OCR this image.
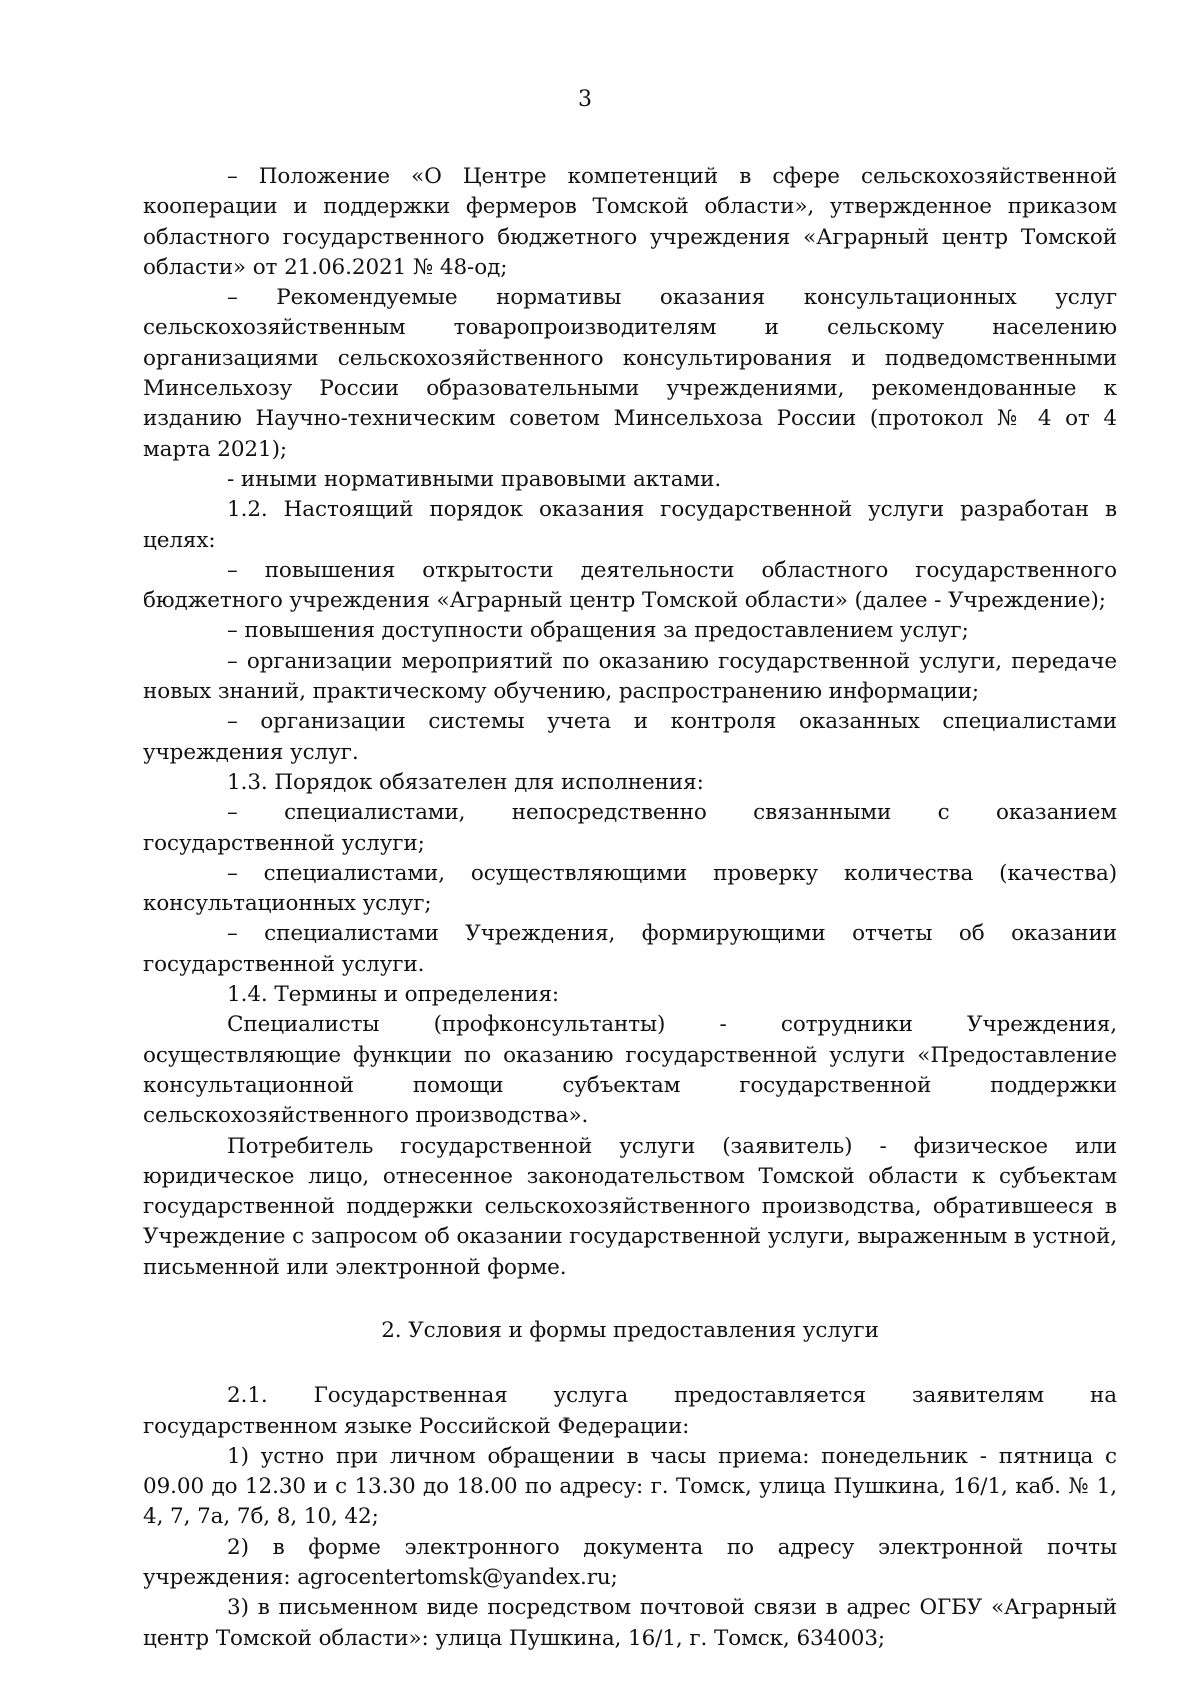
3

– Положение «О Центре компетенций в сфере сельскохозяйственной кооперации и поддержки фермеров Томской области», утвержденное приказом областного государственного бюджетного учреждения «Аграрный центр Томской области» от 21.06.2021 № 48-од;

– Рекомендуемые нормативы оказания консультационных услуг сельскохозяйственным товаропроизводителям и сельскому населению организациями сельскохозяйственного консультирования и подведомственными Минсельхозу России образовательными учреждениями, рекомендованные к изданию Научно-техническим советом Минсельхоза России (протокол № 4 от 4 марта 2021);

- иными нормативными правовыми актами.

1.2. Настоящий порядок оказания государственной услуги разработан в целях:

– повышения открытости деятельности областного государственного бюджетного учреждения «Аграрный центр Томской области» (далее - Учреждение);

– повышения доступности обращения за предоставлением услуг;

– организации мероприятий по оказанию государственной услуги, передаче новых знаний, практическому обучению, распространению информации;

– организации системы учета и контроля оказанных специалистами учреждения услуг.

1.3. Порядок обязателен для исполнения:

– специалистами, непосредственно связанными с оказанием государственной услуги;

– специалистами, осуществляющими проверку количества (качества) консультационных услуг;

– специалистами Учреждения, формирующими отчеты об оказании государственной услуги.

1.4. Термины и определения:

Специалисты (профконсультанты) - сотрудники Учреждения, осуществляющие функции по оказанию государственной услуги «Предоставление консультационной помощи субъектам государственной поддержки сельскохозяйственного производства».

Потребитель государственной услуги (заявитель) - физическое или юридическое лицо, отнесенное законодательством Томской области к субъектам государственной поддержки сельскохозяйственного производства, обратившееся в Учреждение с запросом об оказании государственной услуги, выраженным в устной, письменной или электронной форме.

2. Условия и формы предоставления услуги

2.1. Государственная услуга предоставляется заявителям на государственном языке Российской Федерации:

1) устно при личном обращении в часы приема: понедельник - пятница с 09.00 до 12.30 и с 13.30 до 18.00 по адресу: г. Томск, улица Пушкина, 16/1, каб. № 1, 4, 7, 7а, 7б, 8, 10, 42;

2) в форме электронного документа по адресу электронной почты учреждения: agrocentertomsk@yandex.ru;

3) в письменном виде посредством почтовой связи в адрес ОГБУ «Аграрный центр Томской области»: улица Пушкина, 16/1, г. Томск, 634003;
